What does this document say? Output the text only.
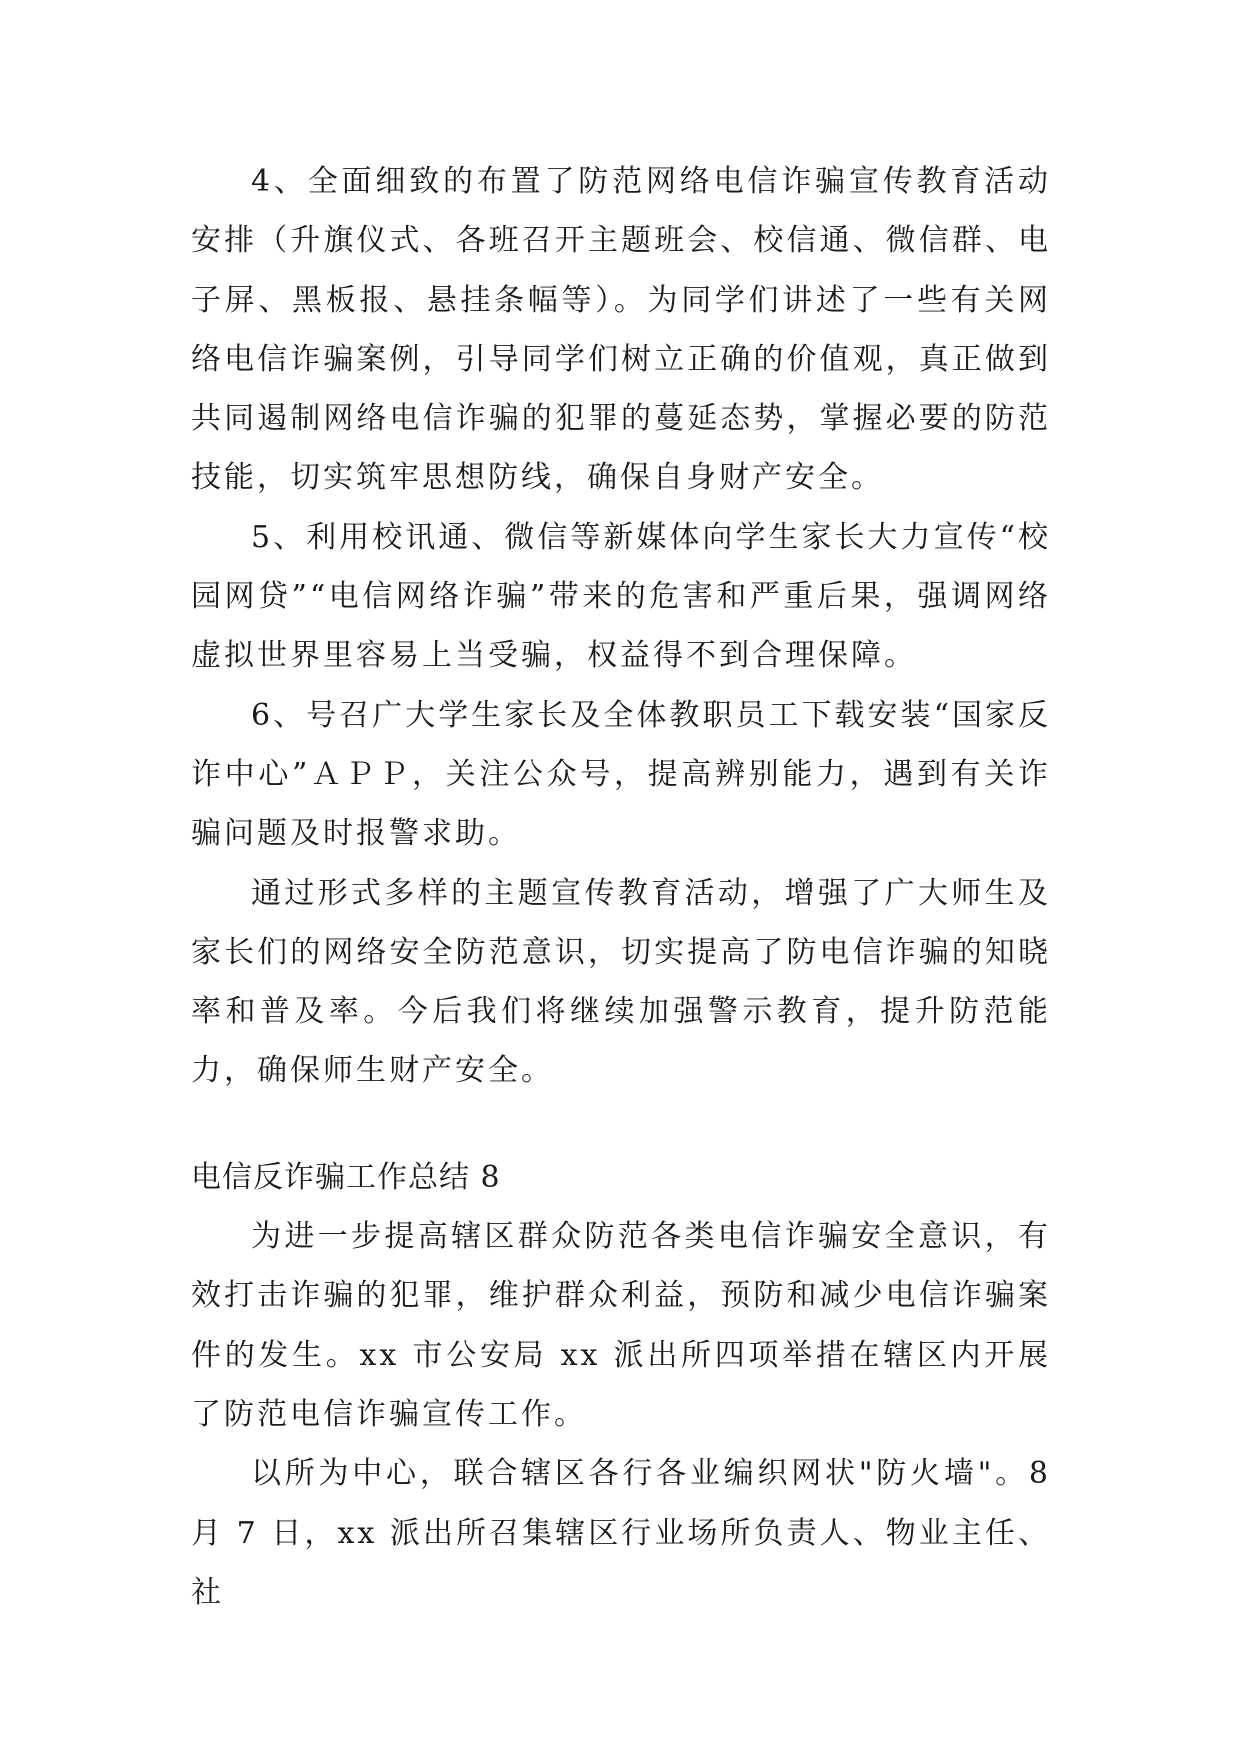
4、全面细致的布置了防范网络电信诈骗宣传教育活动安排（升旗仪式、各班召开主题班会、校信通、微信群、电子屏、黑板报、悬挂条幅等）。为同学们讲述了一些有关网络电信诈骗案例，引导同学们树立正确的价值观，真正做到共同遏制网络电信诈骗的犯罪的蔓延态势，掌握必要的防范技能，切实筑牢思想防线，确保自身财产安全。

5、利用校讯通、微信等新媒体向学生家长大力宣传“校园网贷”“电信网络诈骗”带来的危害和严重后果，强调网络虚拟世界里容易上当受骗，权益得不到合理保障。

6、号召广大学生家长及全体教职员工下载安装“国家反诈中心”ＡＰＰ，关注公众号，提高辨别能力，遇到有关诈骗问题及时报警求助。

通过形式多样的主题宣传教育活动，增强了广大师生及家长们的网络安全防范意识，切实提高了防电信诈骗的知晓率和普及率。今后我们将继续加强警示教育，提升防范能力，确保师生财产安全。

电信反诈骗工作总结 8

为进一步提高辖区群众防范各类电信诈骗安全意识，有效打击诈骗的犯罪，维护群众利益，预防和减少电信诈骗案件的发生。xx 市公安局 xx 派出所四项举措在辖区内开展了防范电信诈骗宣传工作。

以所为中心，联合辖区各行各业编织网状"防火墙"。8 月 7 日，xx 派出所召集辖区行业场所负责人、物业主任、社
